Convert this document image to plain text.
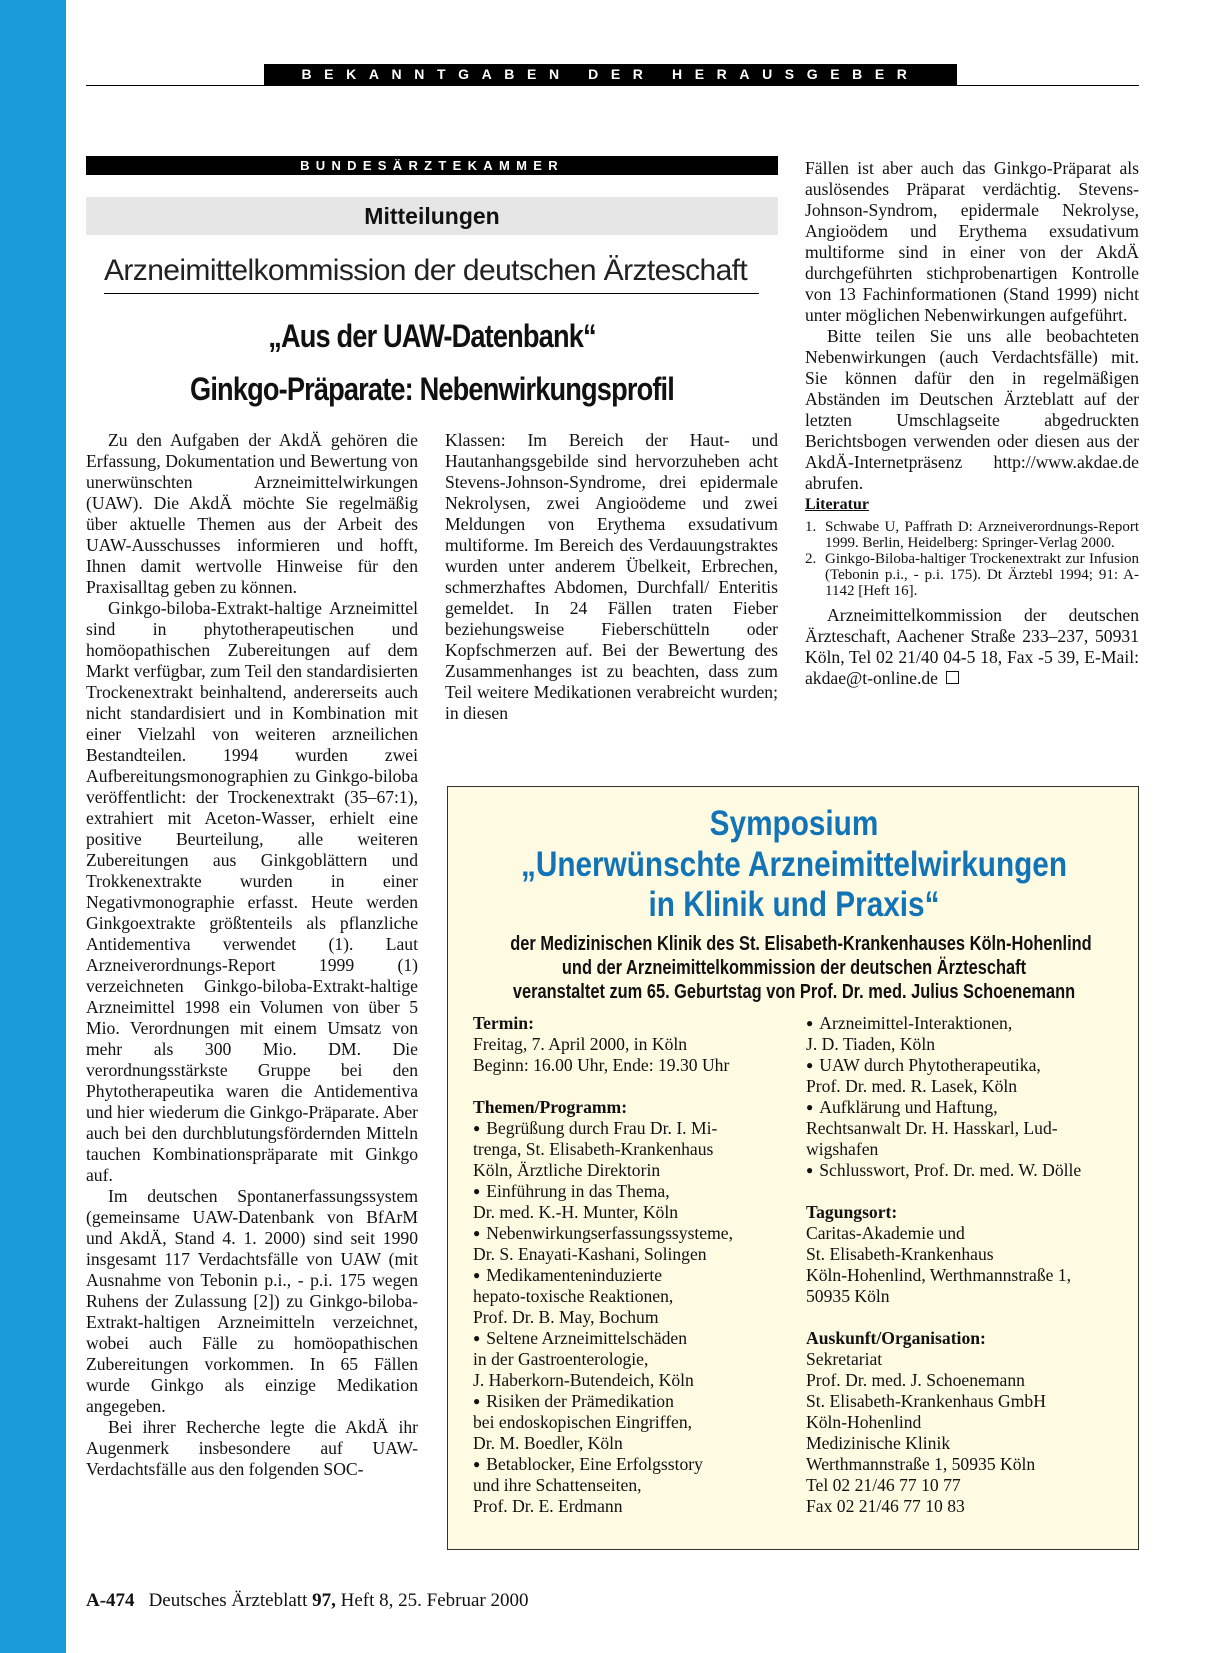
BEKANNTGABEN DER HERAUSGEBER
BUNDESÄRZTEKAMMER
Mitteilungen
Arzneimittelkommission der deutschen Ärzteschaft
„Aus der UAW-Datenbank“
Ginkgo-Präparate: Nebenwirkungsprofil

Zu den Aufgaben der AkdÄ gehören die Erfassung, Dokumentation und Bewertung von unerwünschten Arzneimittelwirkungen (UAW). Die AkdÄ möchte Sie regelmäßig über aktuelle Themen aus der Arbeit des UAW-Ausschusses informieren und hofft, Ihnen damit wertvolle Hinweise für den Praxisalltag geben zu können.

Ginkgo-biloba-Extrakt-haltige Arzneimittel sind in phytotherapeutischen und homöopathischen Zubereitungen auf dem Markt verfügbar, zum Teil den standardisierten Trockenextrakt beinhaltend, andererseits auch nicht standardisiert und in Kombination mit einer Vielzahl von weiteren arzneilichen Bestandteilen. 1994 wurden zwei Aufbereitungsmonographien zu Ginkgo-biloba veröffentlicht: der Trockenextrakt (35–67:1), extrahiert mit Aceton-Wasser, erhielt eine positive Beurteilung, alle weiteren Zubereitungen aus Ginkgoblättern und Trokkenextrakte wurden in einer Negativmonographie erfasst. Heute werden Ginkgoextrakte größtenteils als pflanzliche Antidementiva verwendet (1). Laut Arzneiverordnungs-Report 1999 (1) verzeichneten Ginkgo-biloba-Extrakt-haltige Arzneimittel 1998 ein Volumen von über 5 Mio. Verordnungen mit einem Umsatz von mehr als 300 Mio. DM. Die verordnungsstärkste Gruppe bei den Phytotherapeutika waren die Antidementiva und hier wiederum die Ginkgo-Präparate. Aber auch bei den durchblutungsfördernden Mitteln tauchen Kombinationspräparate mit Ginkgo auf.

Im deutschen Spontanerfassungssystem (gemeinsame UAW-Datenbank von BfArM und AkdÄ, Stand 4. 1. 2000) sind seit 1990 insgesamt 117 Verdachtsfälle von UAW (mit Ausnahme von Tebonin p.i., - p.i. 175 wegen Ruhens der Zulassung [2]) zu Ginkgo-biloba-Extrakt-haltigen Arzneimitteln verzeichnet, wobei auch Fälle zu homöopathischen Zubereitungen vorkommen. In 65 Fällen wurde Ginkgo als einzige Medikation angegeben.

Bei ihrer Recherche legte die AkdÄ ihr Augenmerk insbesondere auf UAW-Verdachtsfälle aus den folgenden SOC-

Klassen: Im Bereich der Haut- und Hautanhangsgebilde sind hervorzuheben acht Stevens-Johnson-Syndrome, drei epidermale Nekrolysen, zwei Angioödeme und zwei Meldungen von Erythema exsudativum multiforme. Im Bereich des Verdauungstraktes wurden unter anderem Übelkeit, Erbrechen, schmerzhaftes Abdomen, Durchfall/ Enteritis gemeldet. In 24 Fällen traten Fieber beziehungsweise Fieberschütteln oder Kopfschmerzen auf. Bei der Bewertung des Zusammenhanges ist zu beachten, dass zum Teil weitere Medikationen verabreicht wurden; in diesen

Fällen ist aber auch das Ginkgo-Präparat als auslösendes Präparat verdächtig. Stevens-Johnson-Syndrom, epidermale Nekrolyse, Angioödem und Erythema exsudativum multiforme sind in einer von der AkdÄ durchgeführten stichprobenartigen Kontrolle von 13 Fachinformationen (Stand 1999) nicht unter möglichen Nebenwirkungen aufgeführt.

Bitte teilen Sie uns alle beobachteten Nebenwirkungen (auch Verdachtsfälle) mit. Sie können dafür den in regelmäßigen Abständen im Deutschen Ärzteblatt auf der letzten Umschlagseite abgedruckten Berichtsbogen verwenden oder diesen aus der AkdÄ-Internetpräsenz http://www.akdae.de abrufen.

Literatur

1. Schwabe U, Paffrath D: Arzneiverordnungs-Report 1999. Berlin, Heidelberg: Springer-Verlag 2000.
2. Ginkgo-Biloba-haltiger Trockenextrakt zur Infusion (Tebonin p.i., - p.i. 175). Dt Ärztebl 1994; 91: A-1142 [Heft 16].

Arzneimittelkommission der deutschen Ärzteschaft, Aachener Straße 233–237, 50931 Köln, Tel 02 21/40 04-5 18, Fax -5 39, E-Mail: akdae@t-online.de

Symposium
„Unerwünschte Arzneimittelwirkungen
in Klinik und Praxis“
der Medizinischen Klinik des St. Elisabeth-Krankenhauses Köln-Hohenlind
und der Arzneimittelkommission der deutschen Ärzteschaft
veranstaltet zum 65. Geburtstag von Prof. Dr. med. Julius Schoenemann
Termin:
Freitag, 7. April 2000, in Köln
Beginn: 16.00 Uhr, Ende: 19.30 Uhr
Themen/Programm:
● Begrüßung durch Frau Dr. I. Mi-
trenga, St. Elisabeth-Krankenhaus
Köln, Ärztliche Direktorin
● Einführung in das Thema,
Dr. med. K.-H. Munter, Köln
● Nebenwirkungserfassungssysteme,
Dr. S. Enayati-Kashani, Solingen
● Medikamenteninduzierte
hepato-toxische Reaktionen,
Prof. Dr. B. May, Bochum
● Seltene Arzneimittelschäden
in der Gastroenterologie,
J. Haberkorn-Butendeich, Köln
● Risiken der Prämedikation
bei endoskopischen Eingriffen,
Dr. M. Boedler, Köln
● Betablocker, Eine Erfolgsstory
und ihre Schattenseiten,
Prof. Dr. E. Erdmann
● Arzneimittel-Interaktionen,
J. D. Tiaden, Köln
● UAW durch Phytotherapeutika,
Prof. Dr. med. R. Lasek, Köln
● Aufklärung und Haftung,
Rechtsanwalt Dr. H. Hasskarl, Lud-
wigshafen
● Schlusswort, Prof. Dr. med. W. Dölle
Tagungsort:
Caritas-Akademie und
St. Elisabeth-Krankenhaus
Köln-Hohenlind, Werthmannstraße 1,
50935 Köln
Auskunft/Organisation:
Sekretariat
Prof. Dr. med. J. Schoenemann
St. Elisabeth-Krankenhaus GmbH
Köln-Hohenlind
Medizinische Klinik
Werthmannstraße 1, 50935 Köln
Tel 02 21/46 77 10 77
Fax 02 21/46 77 10 83
A-474 Deutsches Ärzteblatt 97, Heft 8, 25. Februar 2000
